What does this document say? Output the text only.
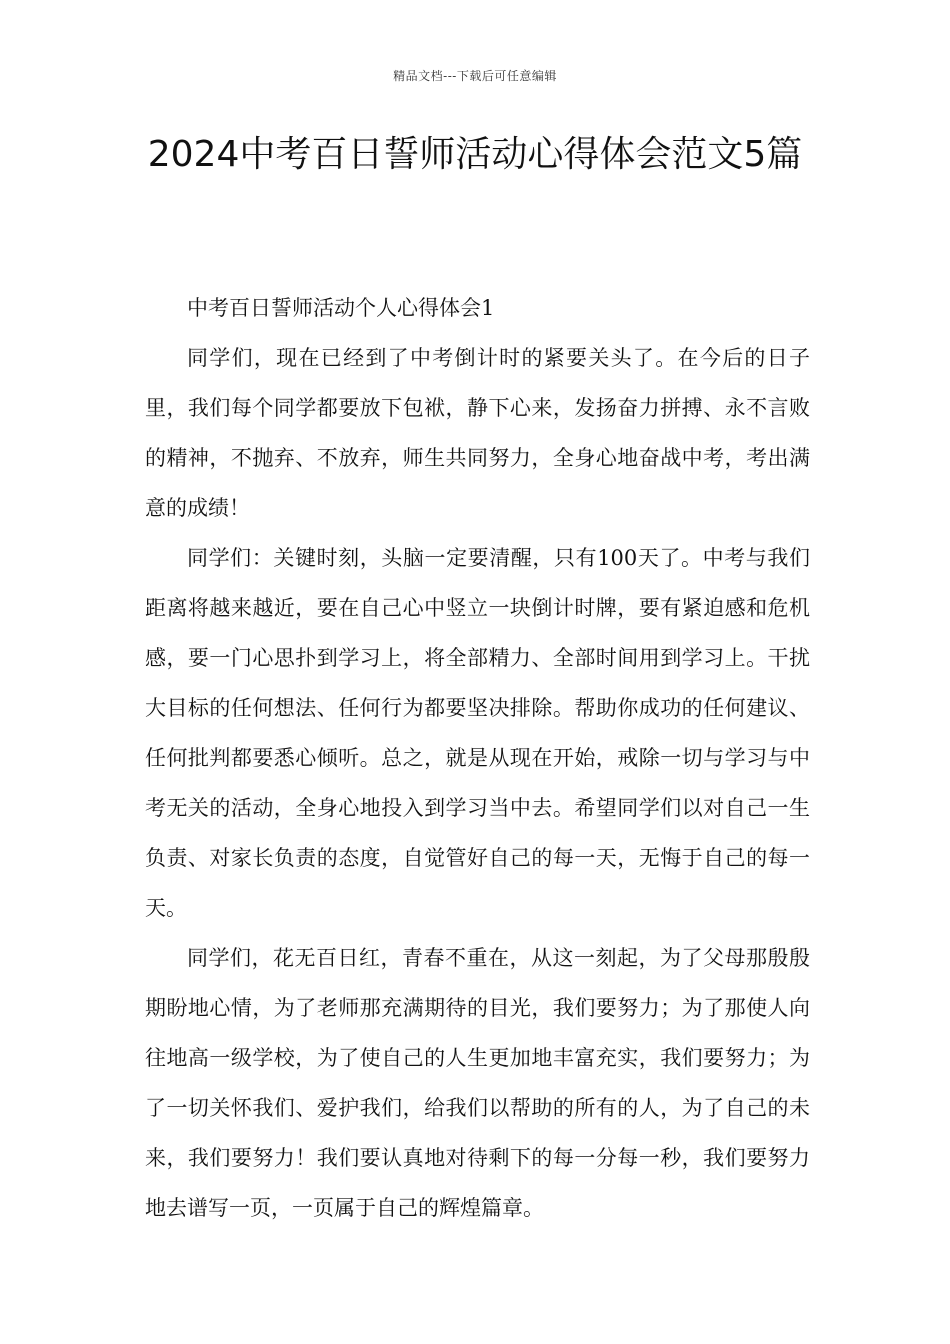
精品文档---下载后可任意编辑
2024中考百日誓师活动心得体会范文5篇

中考百日誓师活动个人心得体会1

同学们，现在已经到了中考倒计时的紧要关头了。在今后的日子里，我们每个同学都要放下包袱，静下心来，发扬奋力拼搏、永不言败的精神，不抛弃、不放弃，师生共同努力，全身心地奋战中考，考出满意的成绩！

同学们：关键时刻，头脑一定要清醒，只有100天了。中考与我们距离将越来越近，要在自己心中竖立一块倒计时牌，要有紧迫感和危机感，要一门心思扑到学习上，将全部精力、全部时间用到学习上。干扰大目标的任何想法、任何行为都要坚决排除。帮助你成功的任何建议、任何批判都要悉心倾听。总之，就是从现在开始，戒除一切与学习与中考无关的活动，全身心地投入到学习当中去。希望同学们以对自己一生负责、对家长负责的态度，自觉管好自己的每一天，无悔于自己的每一天。

同学们，花无百日红，青春不重在，从这一刻起，为了父母那殷殷期盼地心情，为了老师那充满期待的目光，我们要努力；为了那使人向往地高一级学校，为了使自己的人生更加地丰富充实，我们要努力；为了一切关怀我们、爱护我们，给我们以帮助的所有的人，为了自己的未来，我们要努力！我们要认真地对待剩下的每一分每一秒，我们要努力地去谱写一页，一页属于自己的辉煌篇章。
